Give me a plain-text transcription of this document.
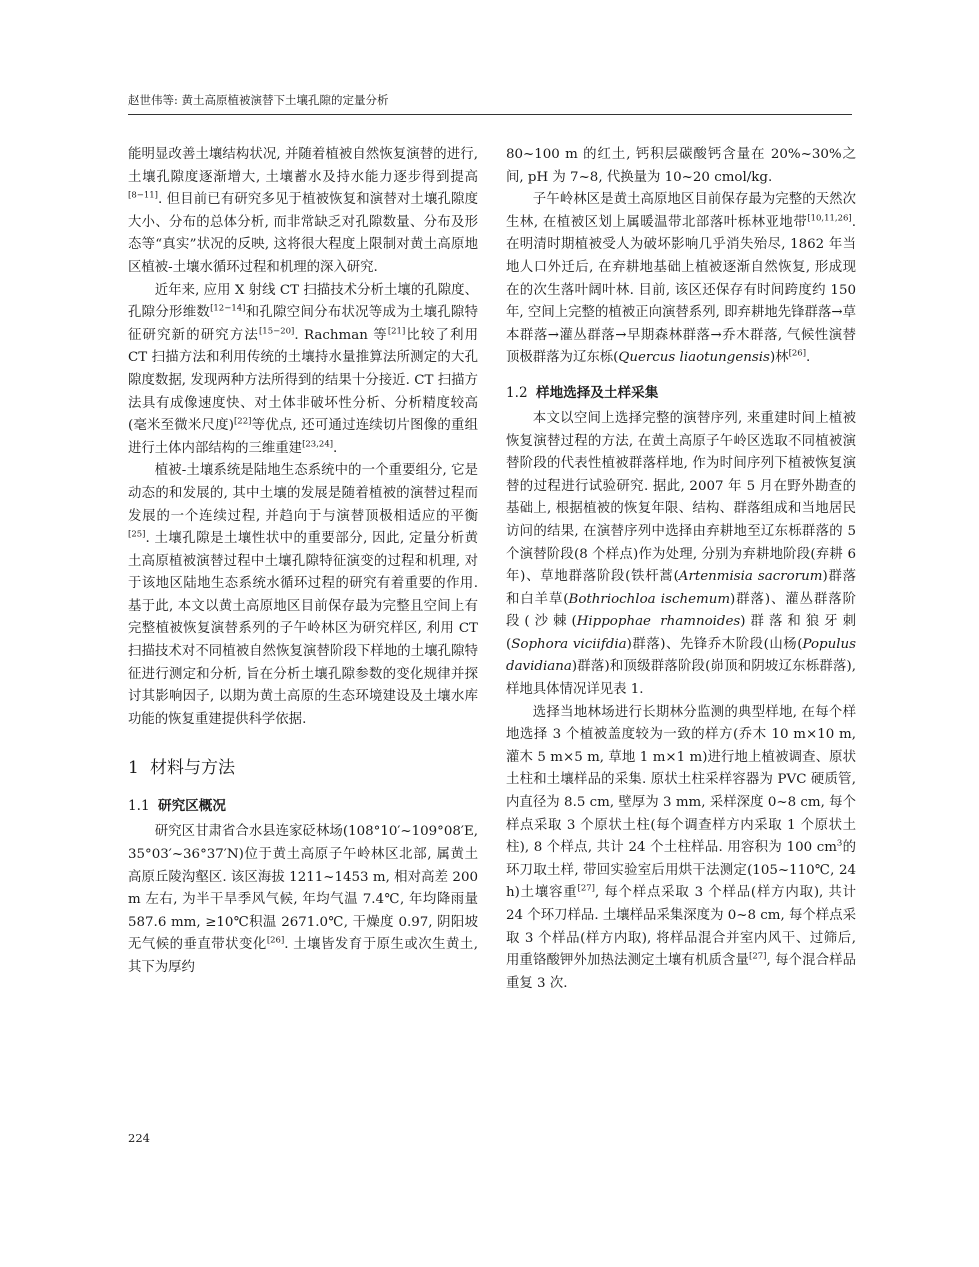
赵世伟等: 黄土高原植被演替下土壤孔隙的定量分析

能明显改善土壤结构状况, 并随着植被自然恢复演替的进行, 土壤孔隙度逐渐增大, 土壤蓄水及持水能力逐步得到提高[8−11]. 但目前已有研究多见于植被恢复和演替对土壤孔隙度大小、分布的总体分析, 而非常缺乏对孔隙数量、分布及形态等“真实”状况的反映, 这将很大程度上限制对黄土高原地区植被-土壤水循环过程和机理的深入研究.

近年来, 应用 X 射线 CT 扫描技术分析土壤的孔隙度、孔隙分形维数[12−14]和孔隙空间分布状况等成为土壤孔隙特征研究新的研究方法[15−20]. Rachman 等[21]比较了利用 CT 扫描方法和利用传统的土壤持水量推算法所测定的大孔隙度数据, 发现两种方法所得到的结果十分接近. CT 扫描方法具有成像速度快、对土体非破坏性分析、分析精度较高(毫米至微米尺度)[22]等优点, 还可通过连续切片图像的重组进行土体内部结构的三维重建[23,24].

植被-土壤系统是陆地生态系统中的一个重要组分, 它是动态的和发展的, 其中土壤的发展是随着植被的演替过程而发展的一个连续过程, 并趋向于与演替顶极相适应的平衡[25]. 土壤孔隙是土壤性状中的重要部分, 因此, 定量分析黄土高原植被演替过程中土壤孔隙特征演变的过程和机理, 对于该地区陆地生态系统水循环过程的研究有着重要的作用. 基于此, 本文以黄土高原地区目前保存最为完整且空间上有完整植被恢复演替系列的子午岭林区为研究样区, 利用 CT 扫描技术对不同植被自然恢复演替阶段下样地的土壤孔隙特征进行测定和分析, 旨在分析土壤孔隙参数的变化规律并探讨其影响因子, 以期为黄土高原的生态环境建设及土壤水库功能的恢复重建提供科学依据.

1 材料与方法
1.1 研究区概况

研究区甘肃省合水县连家砭林场(108°10′~109°08′E, 35°03′~36°37′N)位于黄土高原子午岭林区北部, 属黄土高原丘陵沟壑区. 该区海拔 1211~1453 m, 相对高差 200 m 左右, 为半干旱季风气候, 年均气温 7.4℃, 年均降雨量 587.6 mm, ≥10℃积温 2671.0℃, 干燥度 0.97, 阴阳坡无气候的垂直带状变化[26]. 土壤皆发育于原生或次生黄土, 其下为厚约

80~100 m 的红土, 钙积层碳酸钙含量在 20%~30%之间, pH 为 7~8, 代换量为 10~20 cmol/kg.

子午岭林区是黄土高原地区目前保存最为完整的天然次生林, 在植被区划上属暖温带北部落叶栎林亚地带[10,11,26]. 在明清时期植被受人为破坏影响几乎消失殆尽, 1862 年当地人口外迁后, 在弃耕地基础上植被逐渐自然恢复, 形成现在的次生落叶阔叶林. 目前, 该区还保存有时间跨度约 150 年, 空间上完整的植被正向演替系列, 即弃耕地先锋群落→草本群落→灌丛群落→早期森林群落→乔木群落, 气候性演替顶极群落为辽东栎(Quercus liaotungensis)林[26].

1.2 样地选择及土样采集

本文以空间上选择完整的演替序列, 来重建时间上植被恢复演替过程的方法, 在黄土高原子午岭区选取不同植被演替阶段的代表性植被群落样地, 作为时间序列下植被恢复演替的过程进行试验研究. 据此, 2007 年 5 月在野外勘查的基础上, 根据植被的恢复年限、结构、群落组成和当地居民访问的结果, 在演替序列中选择由弃耕地至辽东栎群落的 5 个演替阶段(8 个样点)作为处理, 分别为弃耕地阶段(弃耕 6 年)、草地群落阶段(铁杆蒿(Artenmisia sacrorum)群落和白羊草(Bothriochloa ischemum)群落)、灌丛群落阶段(沙棘(Hippophae rhamnoides)群落和狼牙刺(Sophora viciifdia)群落)、先锋乔木阶段(山杨(Populus davidiana)群落)和顶级群落阶段(峁顶和阴坡辽东栎群落), 样地具体情况详见表 1.

选择当地林场进行长期林分监测的典型样地, 在每个样地选择 3 个植被盖度较为一致的样方(乔木 10 m×10 m, 灌木 5 m×5 m, 草地 1 m×1 m)进行地上植被调查、原状土柱和土壤样品的采集. 原状土柱采样容器为 PVC 硬质管, 内直径为 8.5 cm, 壁厚为 3 mm, 采样深度 0~8 cm, 每个样点采取 3 个原状土柱(每个调查样方内采取 1 个原状土柱), 8 个样点, 共计 24 个土柱样品. 用容积为 100 $cm^3$的环刀取土样, 带回实验室后用烘干法测定(105~110℃, 24 h)土壤容重[27], 每个样点采取 3 个样品(样方内取), 共计 24 个环刀样品. 土壤样品采集深度为 0~8 cm, 每个样点采取 3 个样品(样方内取), 将样品混合并室内风干、过筛后, 用重铬酸钾外加热法测定土壤有机质含量[27], 每个混合样品重复 3 次.

224
